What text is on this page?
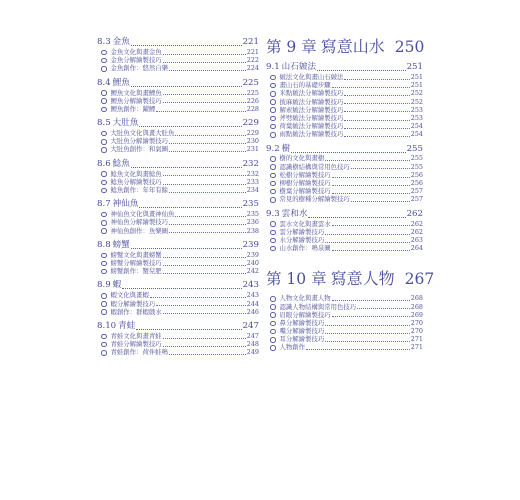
8.3 金魚	221
金魚文化與畫金魚	221
金魚分解繪製技巧	222
金魚創作：悠然自樂	224
8.4 鯉魚	225
鯉魚文化與畫鯉魚	225
鯉魚分解繪製技巧	226
鯉魚創作：躍鯉	228
8.5 大肚魚	229
大肚魚文化與畫大肚魚	229
大肚魚分解繪製技巧	230
大肚魚創作：和氣圖	231
8.6 鯰魚	232
鯰魚文化與畫鯰魚	232
鯰魚分解繪製技巧	233
鯰魚創作：年年有餘	234
8.7 神仙魚	235
神仙魚文化與畫神仙魚	235
神仙魚分解繪製技巧	236
神仙魚創作：魚樂圖	238
8.8 螃蟹	239
螃蟹文化與畫螃蟹	239
螃蟹分解繪製技巧	240
螃蟹創作：蟹兒肥	242
8.9 蝦	243
蝦文化與畫蝦	243
蝦分解繪製技巧	244
蝦創作：群蝦戲水	246
8.10 青蛙	247
青蛙文化與畫青蛙	247
青蛙分解繪製技巧	248
青蛙創作：荷伴蛙鳴	249
第 9 章 寫意山水 250
9.1 山石皴法	251
皴法文化與畫山石皴法	251
畫山石的基礎步驟	251
米點皴法分解繪製技巧	252
披麻皴法分解繪製技巧	252
解索皴法分解繪製技巧	253
斧劈皴法分解繪製技巧	253
荷葉皴法分解繪製技巧	254
雨點皴法分解繪製技巧	254
9.2 樹	255
樹的文化與畫樹	255
認識樹結構與常用色技巧	255
松樹分解繪製技巧	256
柳樹分解繪製技巧	256
樹葉分解繪製技巧	257
常見的樹種分解繪製技巧	257
9.3 雲和水	262
雲水文化與畫雲水	262
雲分解繪製技巧	262
水分解繪製技巧	263
山水創作：鳴泉圖	264
第 10 章 寫意人物 267
人物文化與畫人物	268
認識人物結構與常用色技巧	268
眉眼分解繪製技巧	269
鼻分解繪製技巧	270
嘴分解繪製技巧	270
耳分解繪製技巧	271
人物創作	271
